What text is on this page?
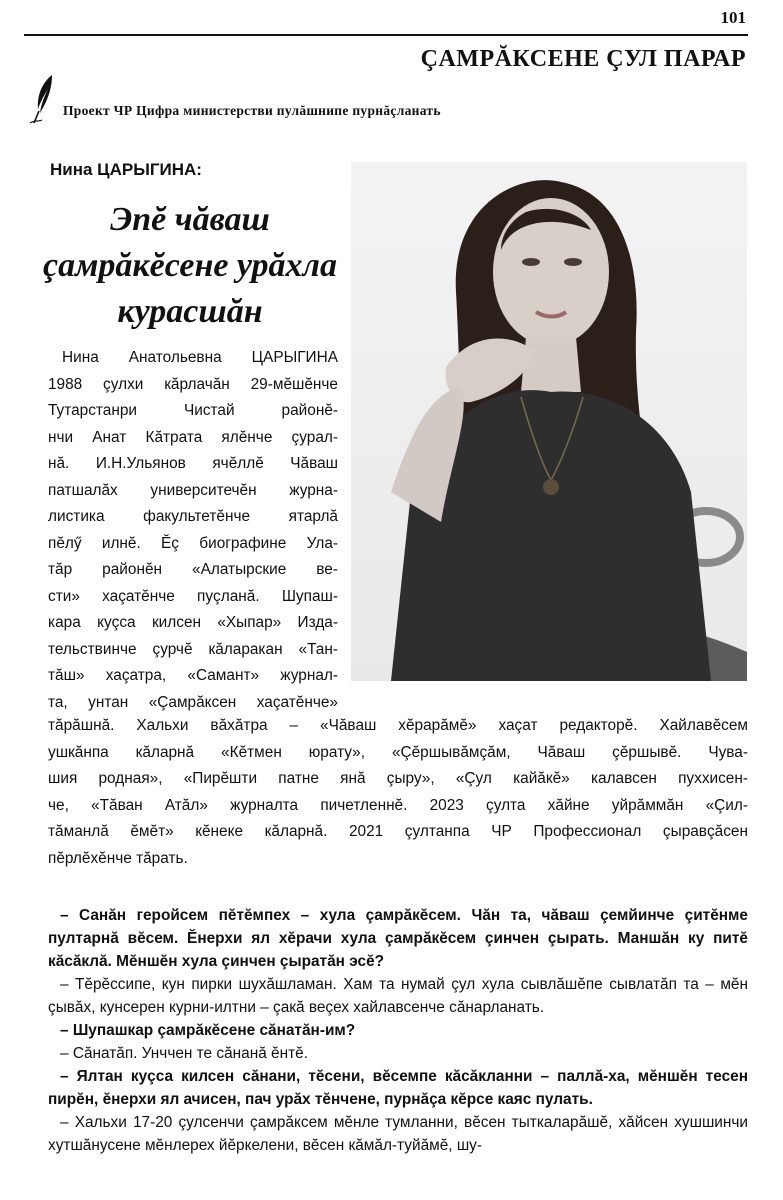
101
ÇAMРĂКСЕНЕ ÇУЛ ПАРАР
Проект ЧР Цифра министерстви пулăшнипе пурнăçланать
Нина ЦАРЫГИНА:
Эпĕ чăваш
çамрăкĕсене урăхла
курасшăн
Нина Анатольевна ЦАРЫГИНА
1988 çулхи кăрлачăн 29-мĕшĕнче
Тутарстанри Чистай районĕ-
нчи Анат Кăтрата ялĕнче çурал-
нă. И.Н.Ульянов ячĕллĕ Чăваш
патшалăх университечĕн журна-
листика факультетĕнче ятарлă
пĕлӳ илнĕ. Ĕç биографине Ула-
тăр районĕн «Алатырские ве-
сти» хаçатĕнче пуçланă. Шупаш-
кара куçса килсен «Хыпар» Изда-
тельствинче çурчĕ кăларакан «Тан-
тăш» хаçатра, «Самант» журнал-
та, унтан «Çамрăксен хаçатĕнче»
тăрăшнă. Хальхи вăхăтра – «Чăваш хĕрарăмĕ» хаçат редакторĕ. Хайлавĕсем
ушкăнпа кăларнă «Кĕтмен юрату», «Çĕршывăмçăм, Чăваш çĕршывĕ. Чува-
шия родная», «Пирĕшти патне янă çыру», «Çул кайăкĕ» калавсен пуххисен-
че, «Тăван Атăл» журналта пичетленнĕ. 2023 çулта хăйне уйрăммăн «Çил-
тăманлă ĕмĕт» кĕнеке кăларнă. 2021 çултанпа ЧР Профессионал çыравçăсен
пĕрлĕхĕнче тăрать.

– Санăн геройсем пĕтĕмпех – хула çамрăкĕсем. Чăн та, чăваш çемйинче çитĕнме пултарнă вĕсем. Ĕнерхи ял хĕрачи хула çамрăкĕсем çинчен çырать. Маншăн ку питĕ кăсăклă. Мĕншĕн хула çинчен çыратăн эсĕ?

– Тĕрĕссипе, кун пирки шухăшламан. Хам та нумай çул хула сывлăшĕпе сывлатăп та – мĕн çывăх, кунсерен курни-илтни – çакă веçех хайлавсенче сăнарланать.

– Шупашкар çамрăкĕсене сăнатăн-им?

– Сăнатăп. Унччен те сăнанă ĕнтĕ.

– Ялтан куçса килсен сăнани, тĕсени, вĕсемпе кăсăкланни – паллă-ха, мĕншĕн тесен пирĕн, ĕнерхи ял ачисен, пач урăх тĕнчене, пурнăçа кĕрсе каяс пулать.

– Хальхи 17-20 çулсенчи çамрăксем мĕнле тумланни, вĕсен тыткаларăшĕ, хăйсен хушшинчи хутшăнусене мĕнлерех йĕркелени, вĕсен кăмăл-туйăмĕ, шу-
